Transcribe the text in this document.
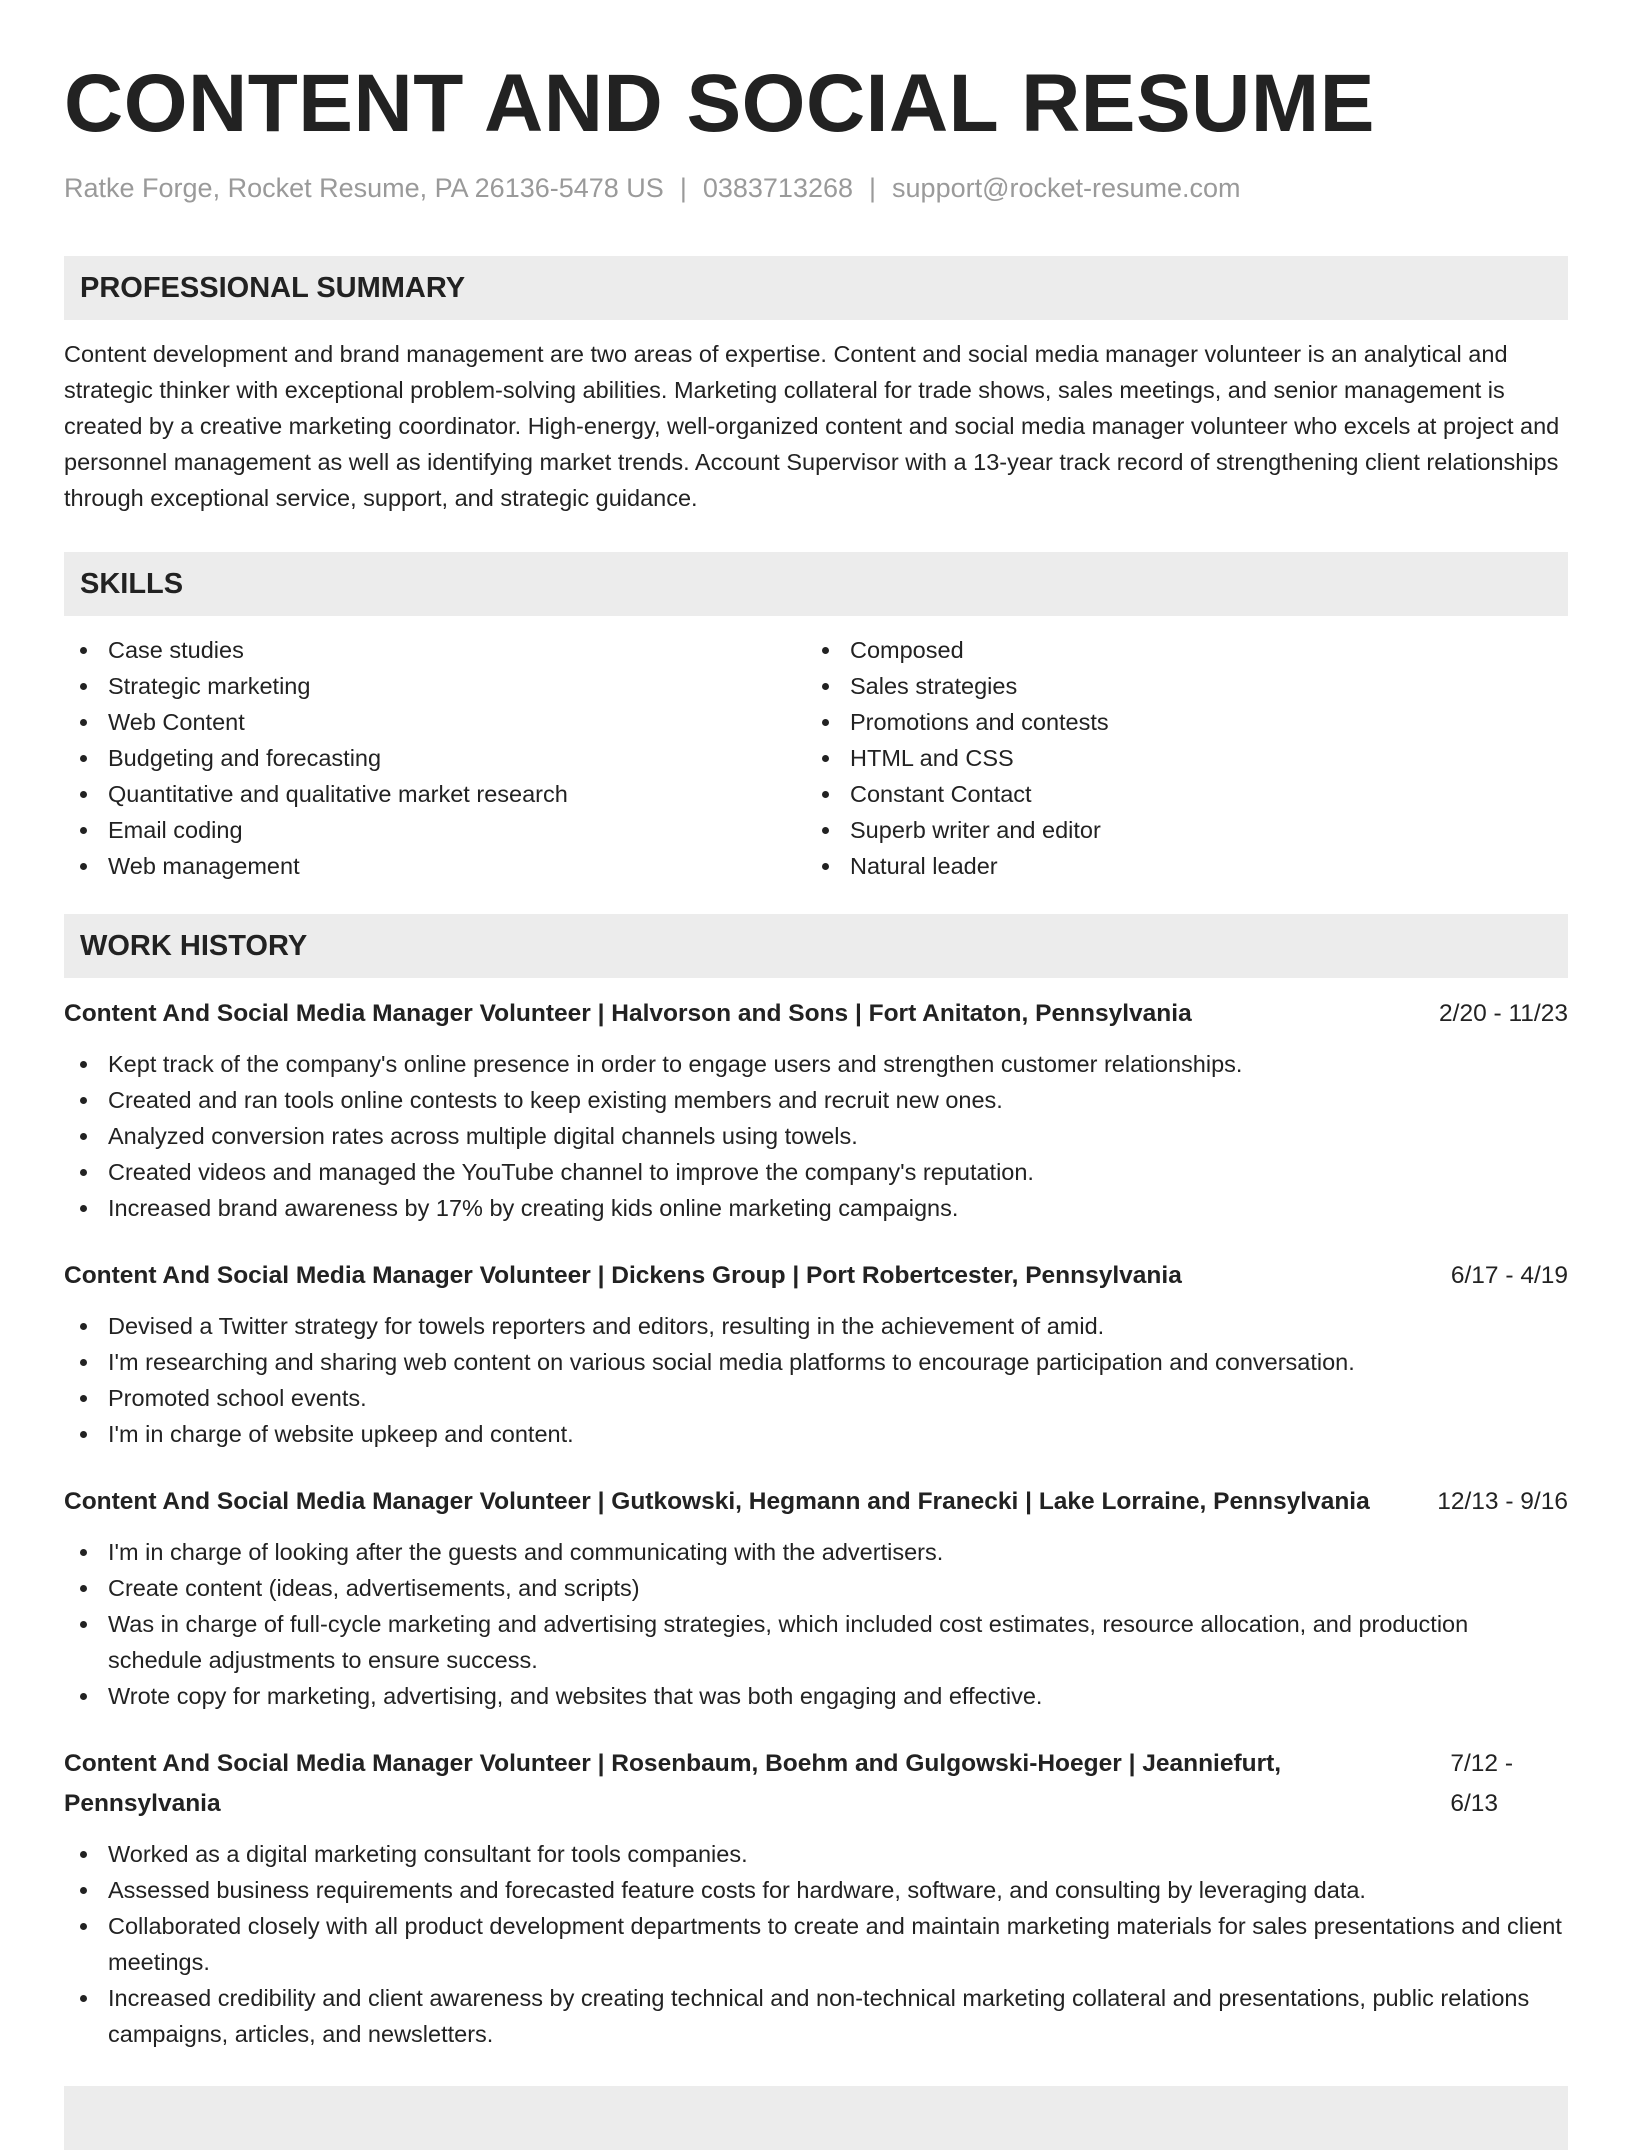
CONTENT AND SOCIAL RESUME
Ratke Forge, Rocket Resume, PA 26136-5478 US | 0383713268 | support@rocket-resume.com
PROFESSIONAL SUMMARY
Content development and brand management are two areas of expertise. Content and social media manager volunteer is an analytical and strategic thinker with exceptional problem-solving abilities. Marketing collateral for trade shows, sales meetings, and senior management is created by a creative marketing coordinator. High-energy, well-organized content and social media manager volunteer who excels at project and personnel management as well as identifying market trends. Account Supervisor with a 13-year track record of strengthening client relationships through exceptional service, support, and strategic guidance.
SKILLS
Case studies
Strategic marketing
Web Content
Budgeting and forecasting
Quantitative and qualitative market research
Email coding
Web management
Composed
Sales strategies
Promotions and contests
HTML and CSS
Constant Contact
Superb writer and editor
Natural leader
WORK HISTORY
Content And Social Media Manager Volunteer | Halvorson and Sons | Fort Anitaton, Pennsylvania	2/20 - 11/23
Kept track of the company's online presence in order to engage users and strengthen customer relationships.
Created and ran tools online contests to keep existing members and recruit new ones.
Analyzed conversion rates across multiple digital channels using towels.
Created videos and managed the YouTube channel to improve the company's reputation.
Increased brand awareness by 17% by creating kids online marketing campaigns.
Content And Social Media Manager Volunteer | Dickens Group | Port Robertcester, Pennsylvania	6/17 - 4/19
Devised a Twitter strategy for towels reporters and editors, resulting in the achievement of amid.
I'm researching and sharing web content on various social media platforms to encourage participation and conversation.
Promoted school events.
I'm in charge of website upkeep and content.
Content And Social Media Manager Volunteer | Gutkowski, Hegmann and Franecki | Lake Lorraine, Pennsylvania	12/13 - 9/16
I'm in charge of looking after the guests and communicating with the advertisers.
Create content (ideas, advertisements, and scripts)
Was in charge of full-cycle marketing and advertising strategies, which included cost estimates, resource allocation, and production schedule adjustments to ensure success.
Wrote copy for marketing, advertising, and websites that was both engaging and effective.
Content And Social Media Manager Volunteer | Rosenbaum, Boehm and Gulgowski-Hoeger | Jeanniefurt, Pennsylvania
7/12 - 6/13
Worked as a digital marketing consultant for tools companies.
Assessed business requirements and forecasted feature costs for hardware, software, and consulting by leveraging data.
Collaborated closely with all product development departments to create and maintain marketing materials for sales presentations and client meetings.
Increased credibility and client awareness by creating technical and non-technical marketing collateral and presentations, public relations campaigns, articles, and newsletters.
